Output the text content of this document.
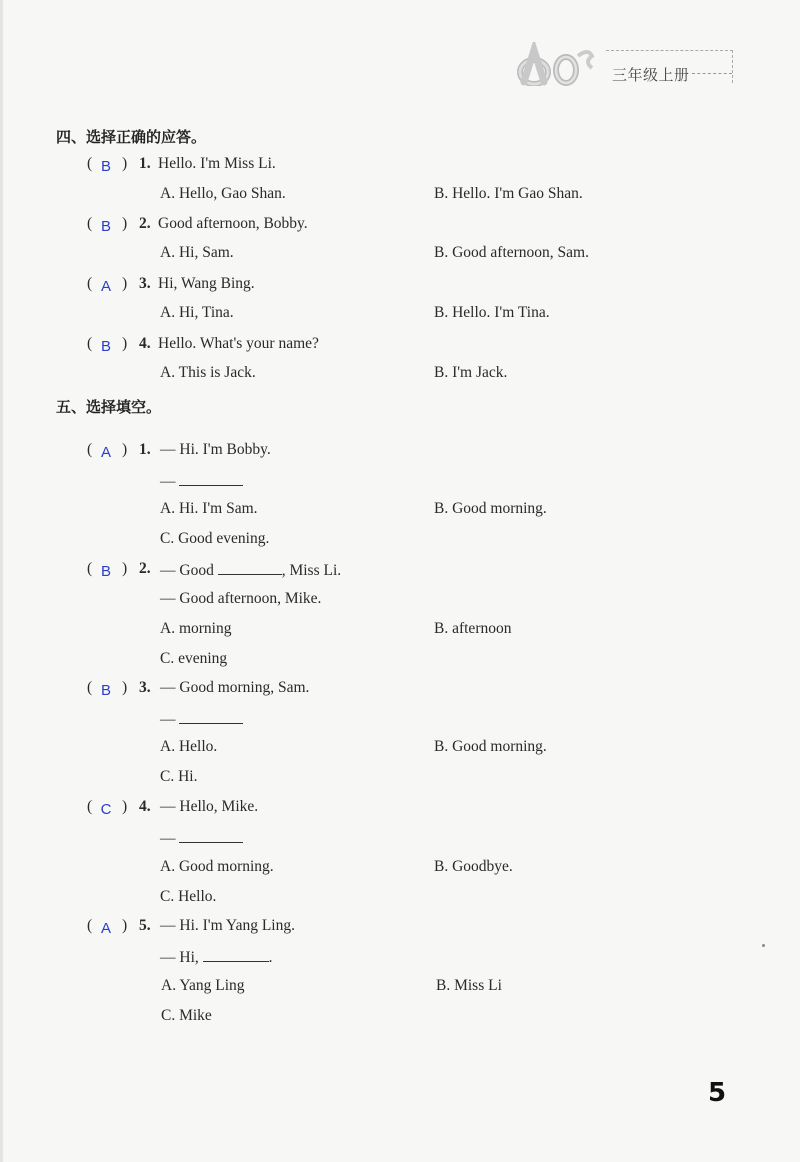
三年级上册
四、选择正确的应答。
( B ) 1. Hello. I'm Miss Li.
A. Hello, Gao Shan.	B. Hello. I'm Gao Shan.
( B ) 2. Good afternoon, Bobby.
A. Hi, Sam.	B. Good afternoon, Sam.
( A ) 3. Hi, Wang Bing.
A. Hi, Tina.	B. Hello. I'm Tina.
( B ) 4. Hello. What's your name?
A. This is Jack.	B. I'm Jack.
五、选择填空。
( A ) 1. — Hi. I'm Bobby.
—
A. Hi. I'm Sam.	B. Good morning.
C. Good evening.
( B ) 2. — Good	, Miss Li.
— Good afternoon, Mike.
A. morning	B. afternoon
C. evening
( B ) 3. — Good morning, Sam.
—
A. Hello.	B. Good morning.
C. Hi.
( C ) 4. — Hello, Mike.
—
A. Good morning.	B. Goodbye.
C. Hello.
( A ) 5. — Hi. I'm Yang Ling.
— Hi,	.
A. Yang Ling	B. Miss Li
C. Mike
5
